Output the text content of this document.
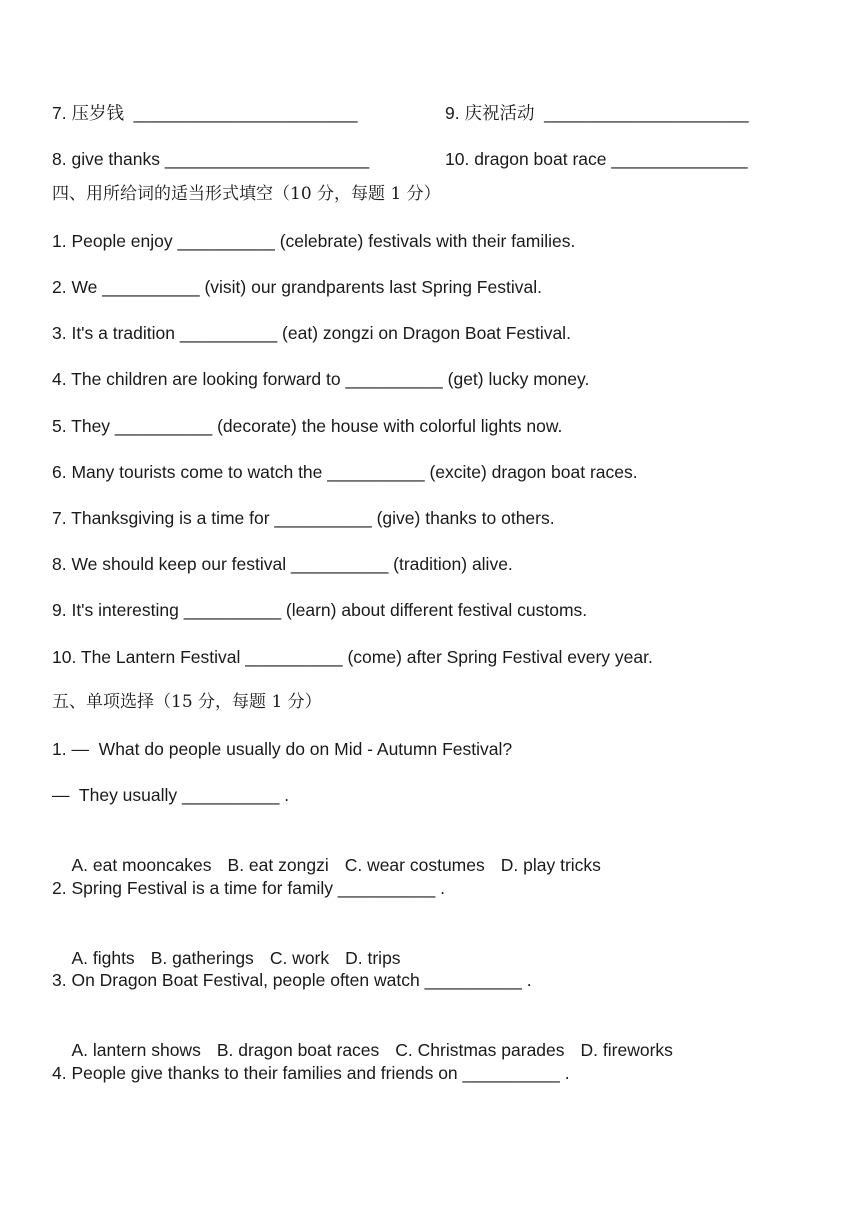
7. 压岁钱  _______________________	9. 庆祝活动  _____________________
8. give thanks _____________________	10. dragon boat race ______________
四、用所给词的适当形式填空（10 分，每题 1 分）
1. People enjoy __________ (celebrate) festivals with their families.
2. We __________ (visit) our grandparents last Spring Festival.
3. It's a tradition __________ (eat) zongzi on Dragon Boat Festival.
4. The children are looking forward to __________ (get) lucky money.
5. They __________ (decorate) the house with colorful lights now.
6. Many tourists come to watch the __________ (excite) dragon boat races.
7. Thanksgiving is a time for __________ (give) thanks to others.
8. We should keep our festival __________ (tradition) alive.
9. It's interesting __________ (learn) about different festival customs.
10. The Lantern Festival __________ (come) after Spring Festival every year.
五、单项选择（15 分，每题 1 分）
1. —  What do people usually do on Mid - Autumn Festival?
—  They usually __________ .

A. eat mooncakes B. eat zongzi C. wear costumes D. play tricks

2. Spring Festival is a time for family __________ .

A. fights B. gatherings C. work D. trips

3. On Dragon Boat Festival, people often watch __________ .

A. lantern shows B. dragon boat races C. Christmas parades D. fireworks

4. People give thanks to their families and friends on __________ .
